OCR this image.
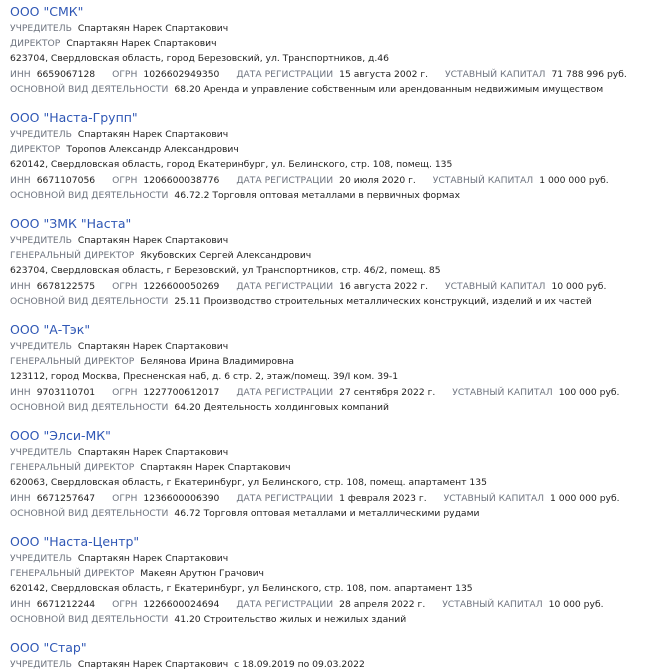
ООО "СМК"
УЧРЕДИТЕЛЬ Спартакян Нарек Спартакович
ДИРЕКТОР Спартакян Нарек Спартакович
623704, Свердловская область, город Березовский, ул. Транспортников, д.46
ИНН 6659067128 ОГРН 1026602949350 ДАТА РЕГИСТРАЦИИ 15 августа 2002 г. УСТАВНЫЙ КАПИТАЛ 71 788 996 руб.
ОСНОВНОЙ ВИД ДЕЯТЕЛЬНОСТИ 68.20 Аренда и управление собственным или арендованным недвижимым имуществом
ООО "Наста-Групп"
УЧРЕДИТЕЛЬ Спартакян Нарек Спартакович
ДИРЕКТОР Торопов Александр Александрович
620142, Свердловская область, город Екатеринбург, ул. Белинского, стр. 108, помещ. 135
ИНН 6671107056 ОГРН 1206600038776 ДАТА РЕГИСТРАЦИИ 20 июля 2020 г. УСТАВНЫЙ КАПИТАЛ 1 000 000 руб.
ОСНОВНОЙ ВИД ДЕЯТЕЛЬНОСТИ 46.72.2 Торговля оптовая металлами в первичных формах
ООО "ЗМК "Наста"
УЧРЕДИТЕЛЬ Спартакян Нарек Спартакович
ГЕНЕРАЛЬНЫЙ ДИРЕКТОР Якубовских Сергей Александрович
623704, Свердловская область, г Березовский, ул Транспортников, стр. 46/2, помещ. 85
ИНН 6678122575 ОГРН 1226600050269 ДАТА РЕГИСТРАЦИИ 16 августа 2022 г. УСТАВНЫЙ КАПИТАЛ 10 000 руб.
ОСНОВНОЙ ВИД ДЕЯТЕЛЬНОСТИ 25.11 Производство строительных металлических конструкций, изделий и их частей
ООО "А-Тэк"
УЧРЕДИТЕЛЬ Спартакян Нарек Спартакович
ГЕНЕРАЛЬНЫЙ ДИРЕКТОР Белянова Ирина Владимировна
123112, город Москва, Пресненская наб, д. 6 стр. 2, этаж/помещ. 39/I ком. 39-1
ИНН 9703110701 ОГРН 1227700612017 ДАТА РЕГИСТРАЦИИ 27 сентября 2022 г. УСТАВНЫЙ КАПИТАЛ 100 000 руб.
ОСНОВНОЙ ВИД ДЕЯТЕЛЬНОСТИ 64.20 Деятельность холдинговых компаний
ООО "Элси-МК"
УЧРЕДИТЕЛЬ Спартакян Нарек Спартакович
ГЕНЕРАЛЬНЫЙ ДИРЕКТОР Спартакян Нарек Спартакович
620063, Свердловская область, г Екатеринбург, ул Белинского, стр. 108, помещ. апартамент 135
ИНН 6671257647 ОГРН 1236600006390 ДАТА РЕГИСТРАЦИИ 1 февраля 2023 г. УСТАВНЫЙ КАПИТАЛ 1 000 000 руб.
ОСНОВНОЙ ВИД ДЕЯТЕЛЬНОСТИ 46.72 Торговля оптовая металлами и металлическими рудами
ООО "Наста-Центр"
УЧРЕДИТЕЛЬ Спартакян Нарек Спартакович
ГЕНЕРАЛЬНЫЙ ДИРЕКТОР Макеян Арутюн Грачович
620142, Свердловская область, г Екатеринбург, ул Белинского, стр. 108, пом. апартамент 135
ИНН 6671212244 ОГРН 1226600024694 ДАТА РЕГИСТРАЦИИ 28 апреля 2022 г. УСТАВНЫЙ КАПИТАЛ 10 000 руб.
ОСНОВНОЙ ВИД ДЕЯТЕЛЬНОСТИ 41.20 Строительство жилых и нежилых зданий
ООО "Стар"
УЧРЕДИТЕЛЬ Спартакян Нарек Спартакович с 18.09.2019 по 09.03.2022
